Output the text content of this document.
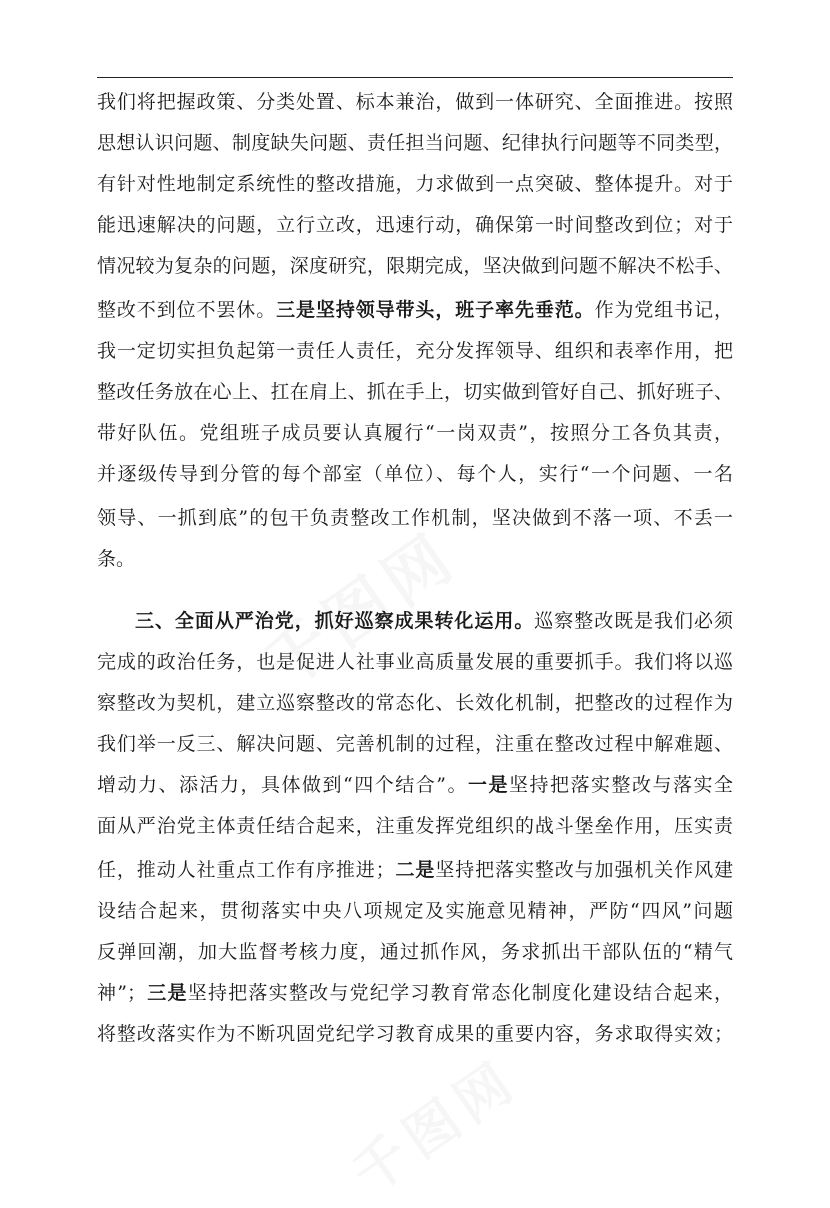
我们将把握政策、分类处置、标本兼治，做到一体研究、全面推进。按照
思想认识问题、制度缺失问题、责任担当问题、纪律执行问题等不同类型，
有针对性地制定系统性的整改措施，力求做到一点突破、整体提升。对于
能迅速解决的问题，立行立改，迅速行动，确保第一时间整改到位；对于
情况较为复杂的问题，深度研究，限期完成，坚决做到问题不解决不松手、
整改不到位不罢休。三是坚持领导带头，班子率先垂范。作为党组书记，
我一定切实担负起第一责任人责任，充分发挥领导、组织和表率作用，把
整改任务放在心上、扛在肩上、抓在手上，切实做到管好自己、抓好班子、
带好队伍。党组班子成员要认真履行“一岗双责”，按照分工各负其责，
并逐级传导到分管的每个部室（单位）、每个人，实行“一个问题、一名
领导、一抓到底”的包干负责整改工作机制，坚决做到不落一项、不丢一
条。
三、全面从严治党，抓好巡察成果转化运用。巡察整改既是我们必须
完成的政治任务，也是促进人社事业高质量发展的重要抓手。我们将以巡
察整改为契机，建立巡察整改的常态化、长效化机制，把整改的过程作为
我们举一反三、解决问题、完善机制的过程，注重在整改过程中解难题、
增动力、添活力，具体做到“四个结合”。一是坚持把落实整改与落实全
面从严治党主体责任结合起来，注重发挥党组织的战斗堡垒作用，压实责
任，推动人社重点工作有序推进；二是坚持把落实整改与加强机关作风建
设结合起来，贯彻落实中央八项规定及实施意见精神，严防“四风”问题
反弹回潮，加大监督考核力度，通过抓作风，务求抓出干部队伍的“精气
神”；三是坚持把落实整改与党纪学习教育常态化制度化建设结合起来，
将整改落实作为不断巩固党纪学习教育成果的重要内容，务求取得实效；
